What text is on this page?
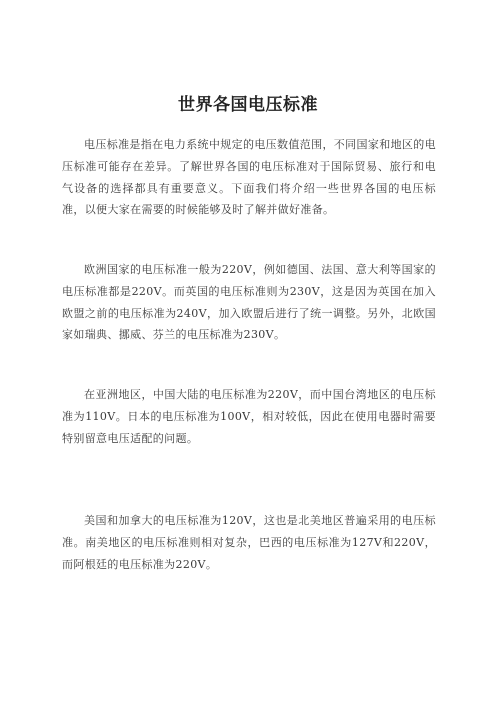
世界各国电压标准

电压标准是指在电力系统中规定的电压数值范围，不同国家和地区的电压标准可能存在差异。了解世界各国的电压标准对于国际贸易、旅行和电气设备的选择都具有重要意义。下面我们将介绍一些世界各国的电压标准，以便大家在需要的时候能够及时了解并做好准备。

欧洲国家的电压标准一般为220V，例如德国、法国、意大利等国家的电压标准都是220V。而英国的电压标准则为230V，这是因为英国在加入欧盟之前的电压标准为240V，加入欧盟后进行了统一调整。另外，北欧国家如瑞典、挪威、芬兰的电压标准为230V。

在亚洲地区，中国大陆的电压标准为220V，而中国台湾地区的电压标准为110V。日本的电压标准为100V，相对较低，因此在使用电器时需要特别留意电压适配的问题。

美国和加拿大的电压标准为120V，这也是北美地区普遍采用的电压标准。南美地区的电压标准则相对复杂，巴西的电压标准为127V和220V，而阿根廷的电压标准为220V。
